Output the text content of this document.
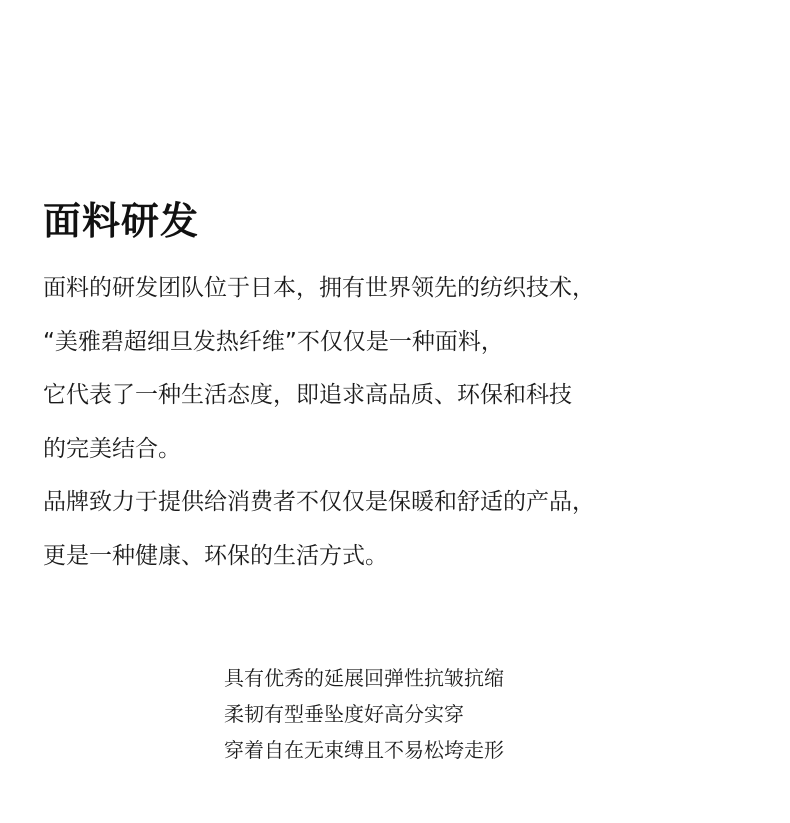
面料研发
面料的研发团队位于日本，拥有世界领先的纺织技术，
“美雅碧超细旦发热纤维”不仅仅是一种面料，
它代表了一种生活态度，即追求高品质、环保和科技
的完美结合。
品牌致力于提供给消费者不仅仅是保暖和舒适的产品，
更是一种健康、环保的生活方式。
具有优秀的延展回弹性抗皱抗缩
柔韧有型垂坠度好高分实穿
穿着自在无束缚且不易松垮走形
